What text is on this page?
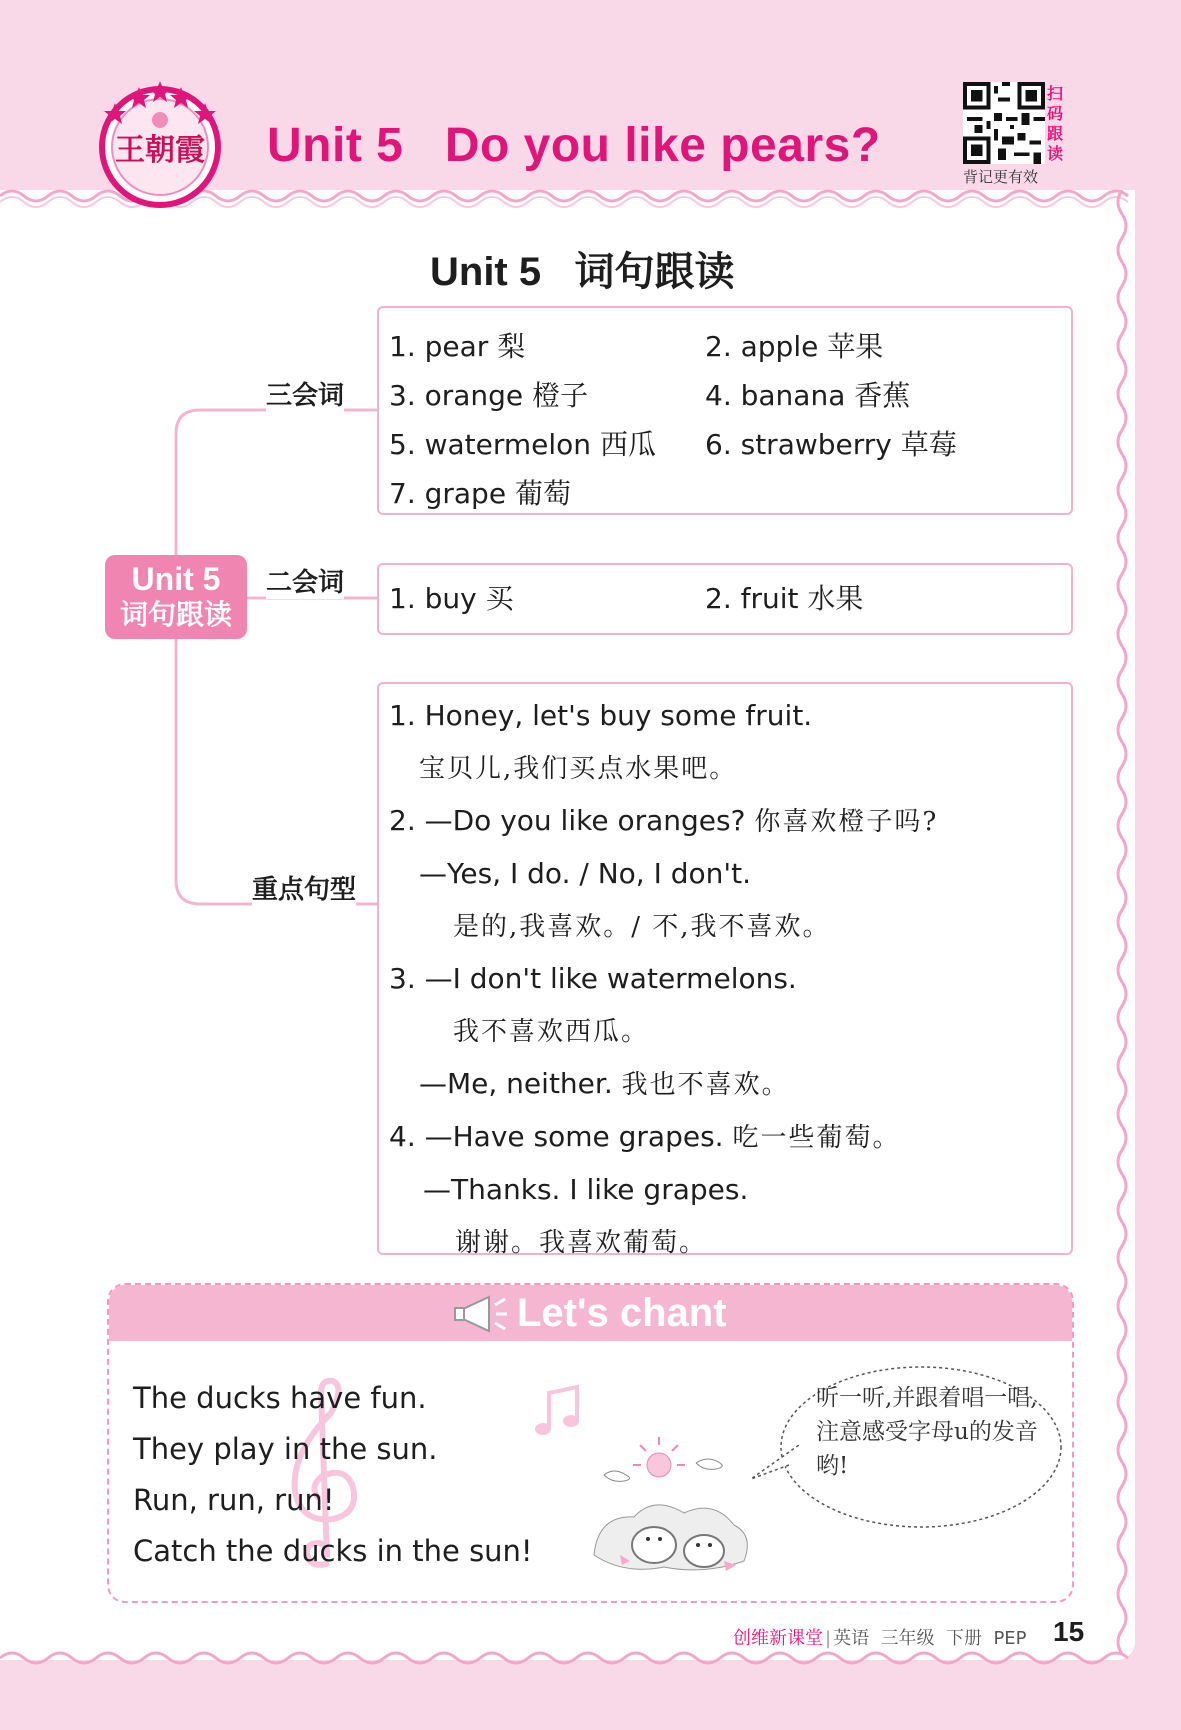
王朝霞	Unit 5   Do you like pears?
扫码跟读
背记更有效
Unit 5   词句跟读
Unit 5
词句跟读
三会词
二会词
重点句型
1. pear 梨	2. apple 苹果
3. orange 橙子	4. banana 香蕉
5. watermelon 西瓜	6. strawberry 草莓
7. grape 葡萄
1. buy 买	2. fruit 水果
1. Honey, let's buy some fruit.
宝贝儿,我们买点水果吧。
2. —Do you like oranges? 你喜欢橙子吗?
—Yes, I do. / No, I don't.
是的,我喜欢。/ 不,我不喜欢。
3. —I don't like watermelons.
我不喜欢西瓜。
—Me, neither. 我也不喜欢。
4. —Have some grapes. 吃一些葡萄。
—Thanks. I like grapes.
谢谢。我喜欢葡萄。
Let's chant
The ducks have fun.
They play in the sun.
Run, run, run!
Catch the ducks in the sun!
听一听,并跟着唱一唱,注意感受字母u的发音哟!
创维新课堂 | 英语 三年级 下册 PEP 15
